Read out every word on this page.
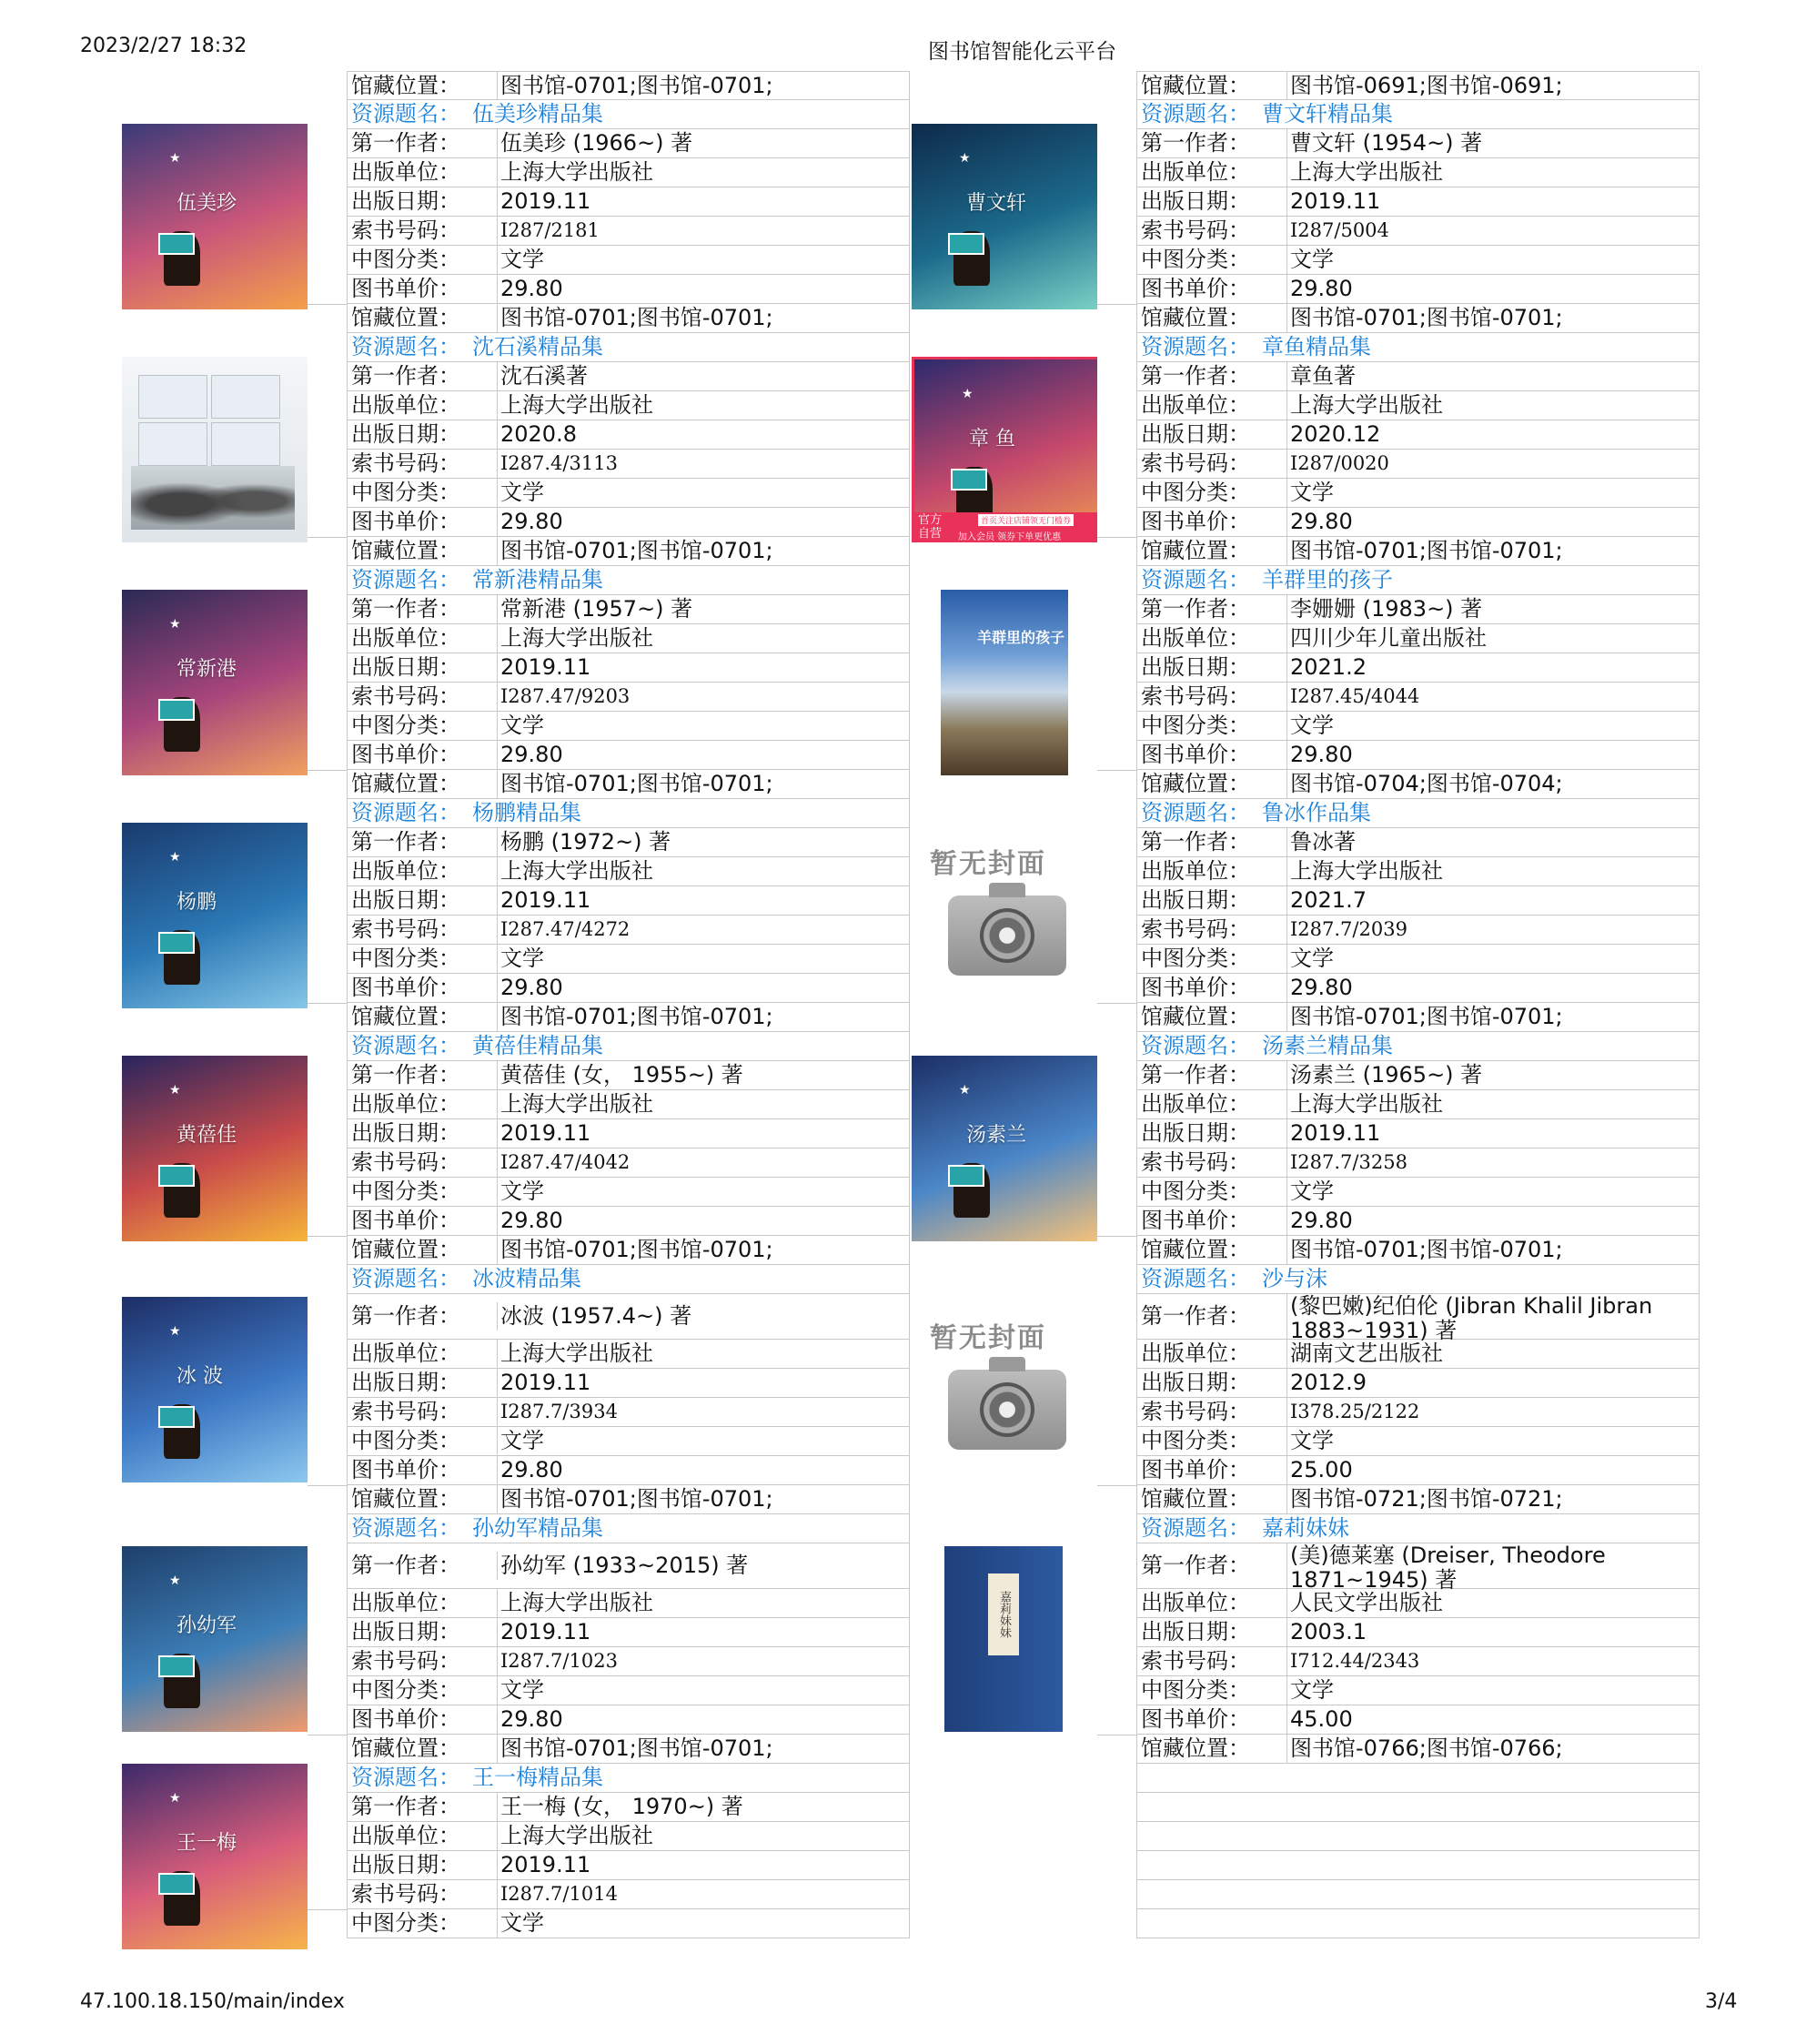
2023/2/27 18:32	图书馆智能化云平台
馆藏位置：	图书馆-0701;图书馆-0701;
★
伍美珍
资源题名： 伍美珍精品集
第一作者：	伍美珍 (1966~) 著
出版单位：	上海大学出版社
出版日期：	2019.11
索书号码：	I287/2181
中图分类：	文学
图书单价：	29.80
馆藏位置：	图书馆-0701;图书馆-0701;
资源题名： 沈石溪精品集
第一作者：	沈石溪著
出版单位：	上海大学出版社
出版日期：	2020.8
索书号码：	I287.4/3113
中图分类：	文学
图书单价：	29.80
馆藏位置：	图书馆-0701;图书馆-0701;
★
常新港
资源题名： 常新港精品集
第一作者：	常新港 (1957~) 著
出版单位：	上海大学出版社
出版日期：	2019.11
索书号码：	I287.47/9203
中图分类：	文学
图书单价：	29.80
馆藏位置：	图书馆-0701;图书馆-0701;
★
杨鹏
资源题名： 杨鹏精品集
第一作者：	杨鹏 (1972~) 著
出版单位：	上海大学出版社
出版日期：	2019.11
索书号码：	I287.47/4272
中图分类：	文学
图书单价：	29.80
馆藏位置：	图书馆-0701;图书馆-0701;
★
黄蓓佳
资源题名： 黄蓓佳精品集
第一作者：	黄蓓佳 (女， 1955~) 著
出版单位：	上海大学出版社
出版日期：	2019.11
索书号码：	I287.47/4042
中图分类：	文学
图书单价：	29.80
馆藏位置：	图书馆-0701;图书馆-0701;
★
冰 波
资源题名： 冰波精品集
第一作者：	冰波 (1957.4~) 著
出版单位：	上海大学出版社
出版日期：	2019.11
索书号码：	I287.7/3934
中图分类：	文学
图书单价：	29.80
馆藏位置：	图书馆-0701;图书馆-0701;
★
孙幼军
资源题名： 孙幼军精品集
第一作者：	孙幼军 (1933~2015) 著
出版单位：	上海大学出版社
出版日期：	2019.11
索书号码：	I287.7/1023
中图分类：	文学
图书单价：	29.80
馆藏位置：	图书馆-0701;图书馆-0701;
★
王一梅
资源题名： 王一梅精品集
第一作者：	王一梅 (女， 1970~) 著
出版单位：	上海大学出版社
出版日期：	2019.11
索书号码：	I287.7/1014
中图分类：	文学
馆藏位置：	图书馆-0691;图书馆-0691;
★
曹文轩
资源题名： 曹文轩精品集
第一作者：	曹文轩 (1954~) 著
出版单位：	上海大学出版社
出版日期：	2019.11
索书号码：	I287/5004
中图分类：	文学
图书单价：	29.80
馆藏位置：	图书馆-0701;图书馆-0701;
★
章 鱼
官方
自营 加入会员 领券下单更优惠
首页关注店铺领无门槛券
资源题名： 章鱼精品集
第一作者：	章鱼著
出版单位：	上海大学出版社
出版日期：	2020.12
索书号码：	I287/0020
中图分类：	文学
图书单价：	29.80
馆藏位置：	图书馆-0701;图书馆-0701;
羊群里的孩子
资源题名： 羊群里的孩子
第一作者：	李姗姗 (1983~) 著
出版单位：	四川少年儿童出版社
出版日期：	2021.2
索书号码：	I287.45/4044
中图分类：	文学
图书单价：	29.80
馆藏位置：	图书馆-0704;图书馆-0704;
暂无封面
资源题名： 鲁冰作品集
第一作者：	鲁冰著
出版单位：	上海大学出版社
出版日期：	2021.7
索书号码：	I287.7/2039
中图分类：	文学
图书单价：	29.80
馆藏位置：	图书馆-0701;图书馆-0701;
★
汤素兰
资源题名： 汤素兰精品集
第一作者：	汤素兰 (1965~) 著
出版单位：	上海大学出版社
出版日期：	2019.11
索书号码：	I287.7/3258
中图分类：	文学
图书单价：	29.80
馆藏位置：	图书馆-0701;图书馆-0701;
暂无封面
资源题名： 沙与沫
第一作者：	(黎巴嫩)纪伯伦 (Jibran Khalil Jibran 1883~1931) 著
出版单位：	湖南文艺出版社
出版日期：	2012.9
索书号码：	I378.25/2122
中图分类：	文学
图书单价：	25.00
馆藏位置：	图书馆-0721;图书馆-0721;
嘉莉妹妹
资源题名： 嘉莉妹妹
第一作者：	(美)德莱塞 (Dreiser, Theodore 1871~1945) 著
出版单位：	人民文学出版社
出版日期：	2003.1
索书号码：	I712.44/2343
中图分类：	文学
图书单价：	45.00
馆藏位置：	图书馆-0766;图书馆-0766;
47.100.18.150/main/index	3/4
